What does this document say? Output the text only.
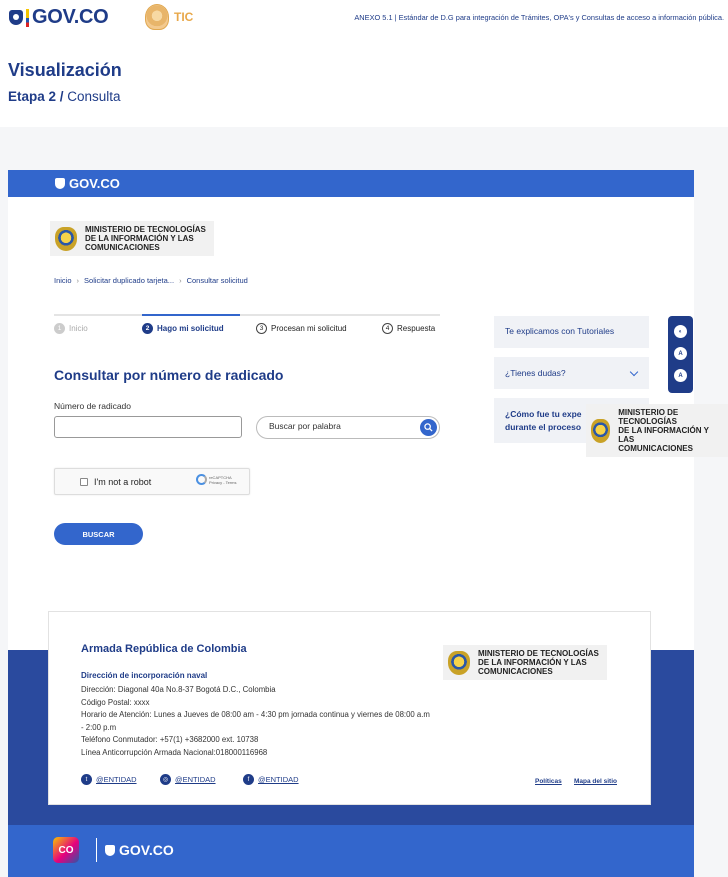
GOV.CO	TIC	ANEXO 5.1 | Estándar de D.G para integración de Trámites, OPA's y Consultas de acceso a información pública.
Visualización
Etapa 2 / Consulta
GOV.CO
MINISTERIO DE TECNOLOGÍAS
DE LA INFORMACIÓN Y LAS
COMUNICACIONES
Inicio › Solicitar duplicado tarjeta... › Consultar solicitud
1 Inicio	2 Hago mi solicitud	3 Procesan mi solicitud	4 Respuesta
Consultar por número de radicado
Número de radicado
Buscar por palabra
I'm not a robot	reCAPTCHA
Privacy - Terms
BUSCAR
Te explicamos con Tutoriales
¿Tienes dudas?
¿Cómo fue tu expe
durante el proceso
MINISTERIO DE TECNOLOGÍAS
DE LA INFORMACIÓN Y LAS
COMUNICACIONES
◐
A
A
Armada República de Colombia
Dirección de incorporación naval
Dirección: Diagonal 40a No.8-37 Bogotá D.C., Colombia
Código Postal: xxxx
Horario de Atención: Lunes a Jueves de 08:00 am - 4:30 pm jornada continua y viernes de 08:00 a.m - 2:00 p.m
Teléfono Conmutador: +57(1) +3682000 ext. 10738
Línea Anticorrupción Armada Nacional:018000116968
MINISTERIO DE TECNOLOGÍAS
DE LA INFORMACIÓN Y LAS
COMUNICACIONES
t	@ENTIDAD	◎ @ENTIDAD	f	@ENTIDAD	Políticas Mapa del sitio
CO	GOV.CO
